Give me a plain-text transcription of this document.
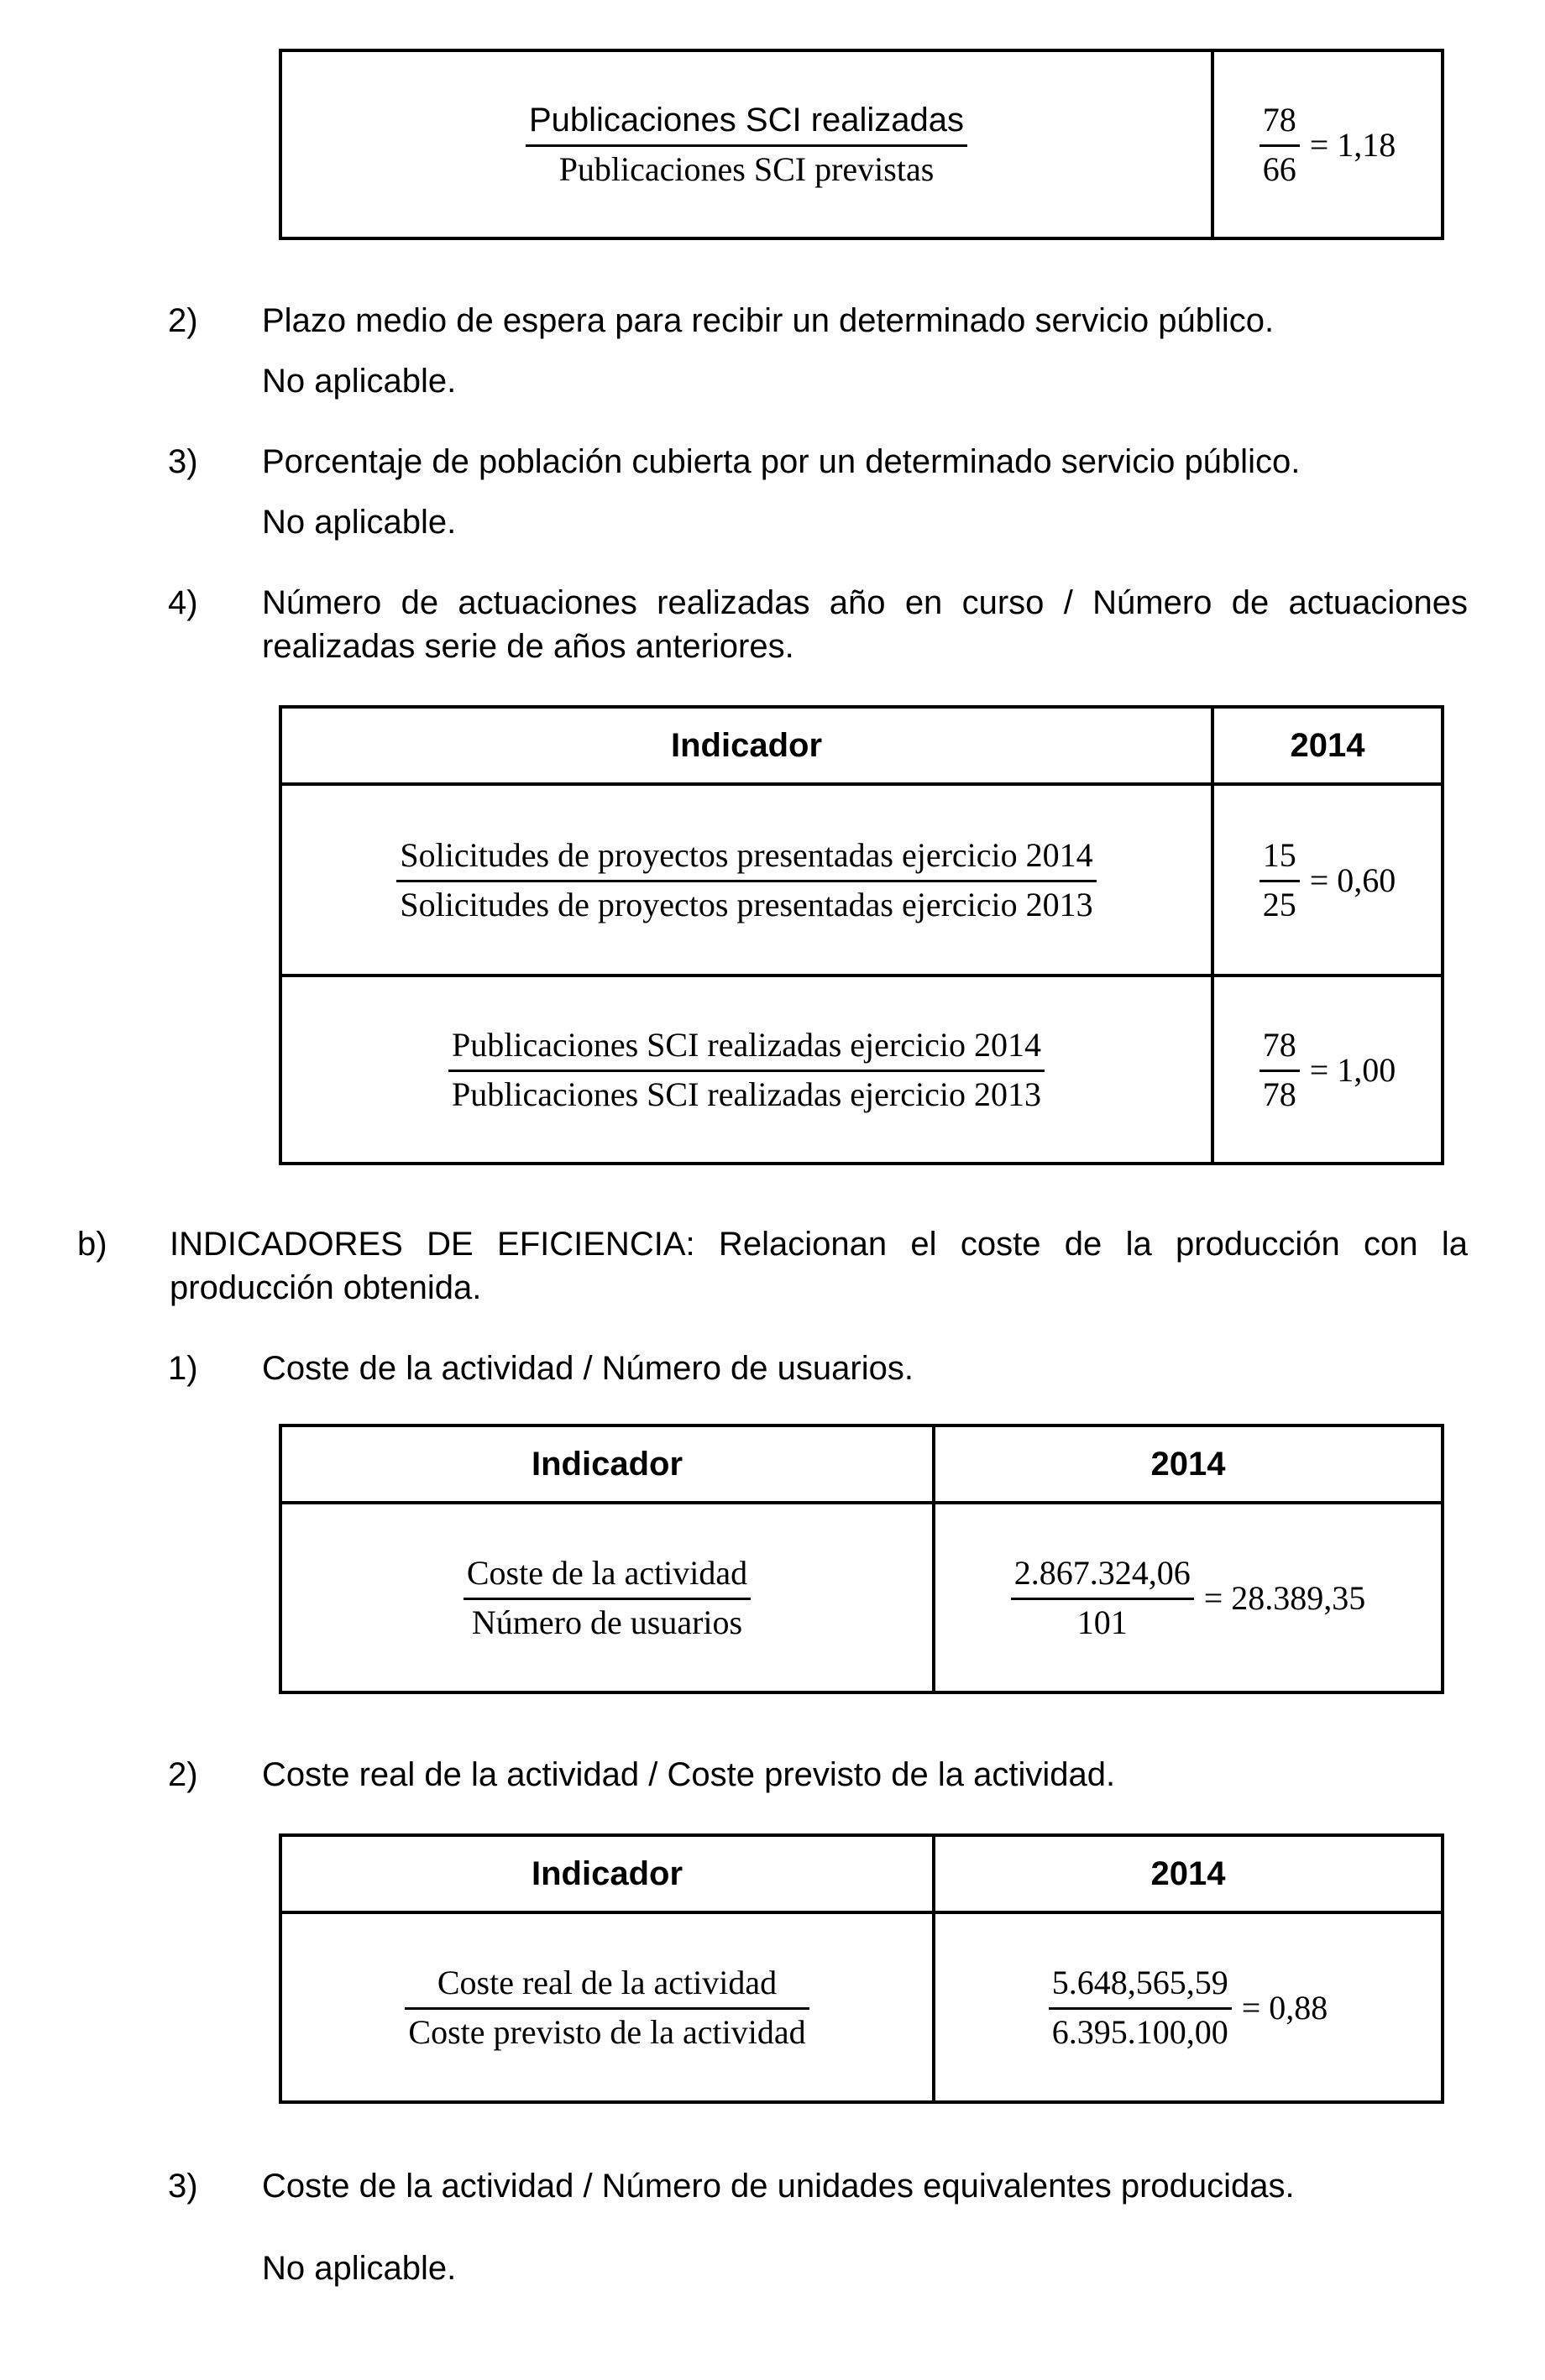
$\frac{\text{Publicaciones SCI realizadas}}{\text{Publicaciones SCI previstas}}$	$\frac{78}{66} = 1,18$
2) Plazo medio de espera para recibir un determinado servicio público.
No aplicable.
3) Porcentaje de población cubierta por un determinado servicio público.
No aplicable.
4) Número de actuaciones realizadas año en curso / Número de actuaciones realizadas serie de años anteriores.
Indicador	2014
$\frac{\text{Solicitudes de proyectos presentadas ejercicio 2014}}{\text{Solicitudes de proyectos presentadas ejercicio 2013}}$	$\frac{15}{25} = 0,60$
$\frac{\text{Publicaciones SCI realizadas ejercicio 2014}}{\text{Publicaciones SCI realizadas ejercicio 2013}}$	$\frac{78}{78} = 1,00$
b) INDICADORES DE EFICIENCIA: Relacionan el coste de la producción con la producción obtenida.
1) Coste de la actividad / Número de usuarios.
Indicador	2014
$\frac{\text{Coste de la actividad}}{\text{Número de usuarios}}$	$\frac{2.867.324,06}{101} = 28.389,35$
2) Coste real de la actividad / Coste previsto de la actividad.
Indicador	2014
$\frac{\text{Coste real de la actividad}}{\text{Coste previsto de la actividad}}$	$\frac{5.648,565,59}{6.395.100,00} = 0,88$
3) Coste de la actividad / Número de unidades equivalentes producidas.
No aplicable.
